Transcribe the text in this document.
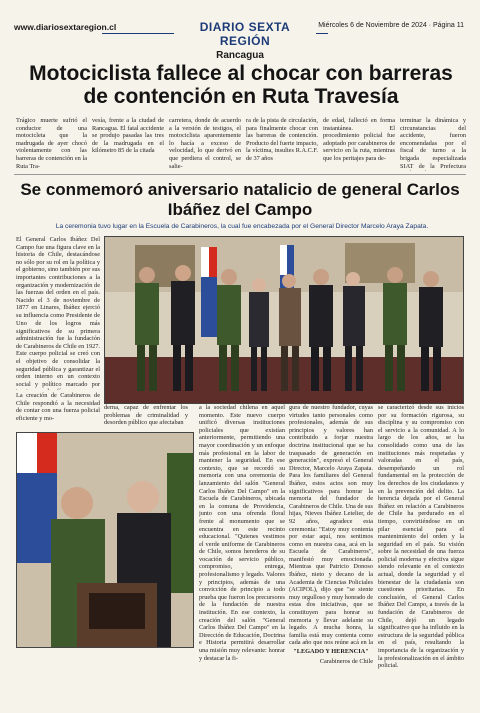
www.diariosextaregion.cl	DIARIO SEXTA REGIÓN
Miércoles 6 de Noviembre de 2024 · Página 11
Rancagua
Motociclista fallece al chocar con barreras de contención en Ruta Travesía
Trágico muerte sufrió el conductor de una motocicleta que la madrugada de ayer chocó violentamente con las barreras de contención en la Ruta Tra-
vesía, frente a la ciudad de Rancagua. El fatal accidente se produjo pasadas las tres de la madrugada en el kilómetro 85 de la citada
carretera, donde de acuerdo a la versión de testigos, el motociclista aparentemente lo hacía a exceso de velocidad, lo que derivó en que perdiera el control, se salie-
ra de la pista de circulación, para finalmente chocar con las barreras de contención. Producto del fuerte impacto, la víctima, insultes R.A.C.F. de 37 años
de edad, falleció en forma instantánea. El procedimiento policial fue adoptado por carabineros de servicio en la ruta, mientras que los peritajes para de-
terminar la dinámica y circunstancias del accidente, fueron encomendadas por el fiscal de turno a la brigada especializada SIAT de la Prefectura
Se conmemoró aniversario natalicio de general Carlos Ibáñez del Campo
La ceremonia tuvo lugar en la Escuela de Carabineros, la cual fue encabezada por el General Director Marcelo Araya Zapata.
El General Carlos Ibáñez Del Campo fue una figura clave en la historia de Chile, destacándose no sólo por su rol en la política y el gobierno, sino también por sus importantes contribuciones a la organización y modernización de las fuerzas del orden en el país. Nacido el 3 de noviembre de 1877 en Linares, Ibáñez ejerció su influencia como Presidente de
Uno de los logros más significativos de su primera administración fue la fundación de Carabineros de Chile en 1927. Este cuerpo policial se creó con el objetivo de consolidar la seguridad pública y garantizar el orden interno en un contexto social y político marcado por
La creación de Carabineros de Chile respondió a la necesidad de contar con una fuerza policial eficiente y mo-
derna, capaz de enfrentar los problemas de criminalidad y desorden público que afectaban
a la sociedad chilena en aquel momento. Este nuevo cuerpo unificó diversas instituciones policiales que existían anteriormente, permitiendo una mayor coordinación y un enfoque más profesional en la labor de mantener la seguridad. En ese contexto, que se recordó su memoria con una ceremonia de lanzamiento del salón "General Carlos Ibáñez Del Campo" en la Escuela de Carabineros, ubicada en la comuna de Providencia, junto con una ofrenda floral frente al monumento que se encuentra en este recinto educacional. "Quienes vestimos el verde uniforme de Carabineros de Chile, somos herederos de su vocación de servicio público, compromiso, entrega, profesionalismo y legado. Valores y principios, además de una convicción de principio a todo prueba que fueron los precursores de la fundación de nuestra institución. En ese contexto, la creación del salón "General Carlos Ibáñez Del Campo" en la Dirección de Educación, Doctrina e Historia permitirá desarrollar una misión muy relevante: honrar y destacar la fi-
gura de nuestro fundador, cuyas virtudes tanto personales como profesionales, además de sus principios y valores han contribuido a forjar nuestra doctrina institucional que se ha traspasado de generación en generación", expresó el General Director, Marcelo Araya Zapata. Para los familiares del General Ibáñez, estos actos son muy significativos para honrar la memoria del fundador de Carabineros de Chile. Una de sus hijas, Nieves Ibáñez Letelier, de 92 años, agradece esta ceremonia: "Estoy muy contenta por estar aquí, nos sentimos como en nuestra casa, acá en la Escuela de Carabineros", manifestó muy emocionada. Mientras que Patricio Donoso Ibáñez, nieto y decano de la Academia de Ciencias Policiales (ACIPOL), dijo que "se siente muy orgulloso y muy honrado de estas dos iniciativas, que se constituyen para honrar su memoria y llevar adelante su legado. A mucha honra, la familia está muy contenta como cada año que nos reúne acá en la
"LEGADO Y HERENCIA"
Carabineros de Chile
se caracterizó desde sus inicios por su formación rigurosa, su disciplina y su compromiso con el servicio a la comunidad. A lo largo de los años, se ha consolidado como una de las instituciones más respetadas y valoradas en el país, desempeñando un rol fundamental en la protección de los derechos de los ciudadanos y en la prevención del delito. La herencia dejada por el General Ibáñez en relación a Carabineros de Chile ha perdurado en el tiempo, convirtiéndose en un pilar esencial para el mantenimiento del orden y la seguridad en el país. Su visión sobre la necesidad de una fuerza policial moderna y efectiva sigue siendo relevante en el contexto actual, donde la seguridad y el bienestar de la ciudadanía son cuestiones prioritarias. En conclusión, el General Carlos Ibáñez Del Campo, a través de la fundación de Carabineros de Chile, dejó un legado significativo que ha influido en la estructura de la seguridad pública en el país, resultando la importancia de la organización y la profesionalización en el ámbito policial.
